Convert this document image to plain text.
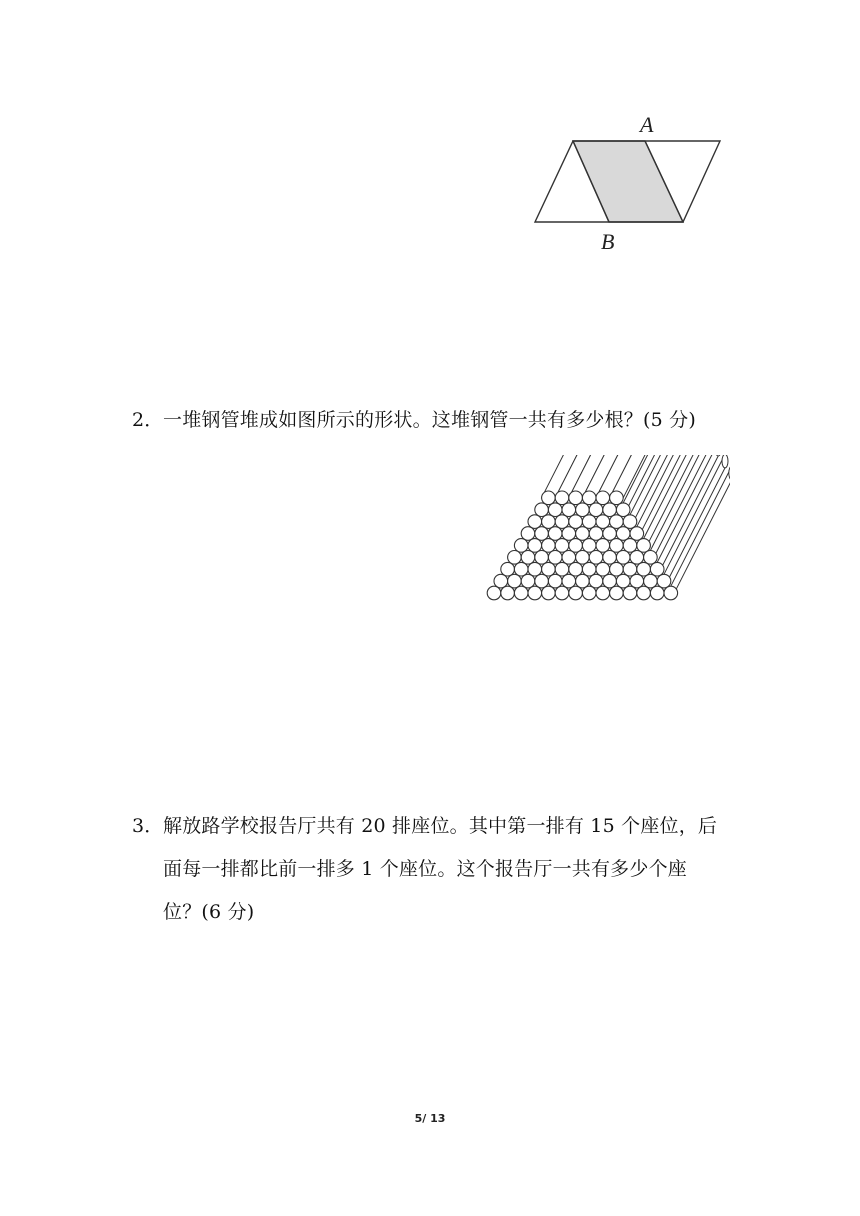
A
B
2．一堆钢管堆成如图所示的形状。这堆钢管一共有多少根？(5 分)
3．解放路学校报告厅共有 20 排座位。其中第一排有 15 个座位，后
面每一排都比前一排多 1 个座位。这个报告厅一共有多少个座
位？(6 分)
5/ 13
